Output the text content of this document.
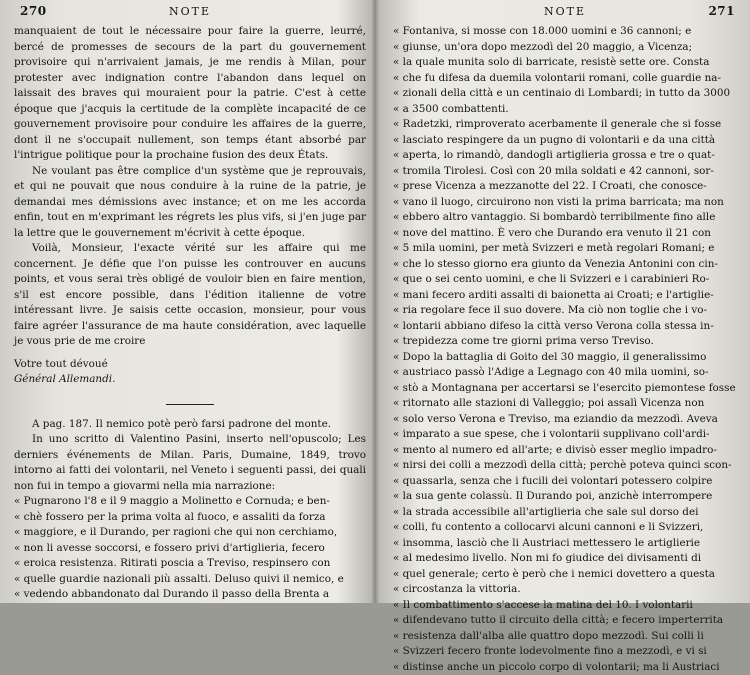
270	NOTE

manquaient de tout le nécessaire pour faire la guerre, leurré, bercé de promesses de secours de la part du gouvernement provisoire qui n'arrivaient jamais, je me rendis à Milan, pour protester avec indignation contre l'abandon dans lequel on laissait des braves qui mouraient pour la patrie. C'est à cette époque que j'acquis la certitude de la complète incapacité de ce gouvernement provisoire pour conduire les affaires de la guerre, dont il ne s'occupait nullement, son temps étant absorbé par l'intrigue politique pour la prochaine fusion des deux États.

Ne voulant pas être complice d'un système que je reprouvais, et qui ne pouvait que nous conduire à la ruine de la patrie, je demandai mes démissions avec instance; et on me les accorda enfin, tout en m'exprimant les régrets les plus vifs, si j'en juge par la lettre que le gouvernement m'écrivit à cette époque.

Voilà, Monsieur, l'exacte vérité sur les affaire qui me concernent. Je défie que l'on puisse les controuver en aucuns points, et vous serai très obligé de vouloir bien en faire mention, s'il est encore possible, dans l'édition italienne de votre intéressant livre. Je saisis cette occasion, monsieur, pour vous faire agréer l'assurance de ma haute considération, avec laquelle je vous prie de me croire

Votre tout dévoué

Général Allemandi.

A pag. 187. Il nemico potè però farsi padrone del monte.

In uno scritto di Valentino Pasini, inserto nell'opuscolo; Les derniers événements de Milan. Paris, Dumaine, 1849, trovo intorno ai fatti dei volontarii, nel Veneto i seguenti passi, dei quali non fui in tempo a giovarmi nella mia narrazione:

« Pugnarono l'8 e il 9 maggio a Molinetto e Cornuda; e ben-
« chè fossero per la prima volta al fuoco, e assaliti da forza
« maggiore, e il Durando, per ragioni che qui non cerchiamo,
« non li avesse soccorsi, e fossero privi d'artiglieria, fecero
« eroica resistenza. Ritirati poscia a Treviso, respinsero con
« quelle guardie nazionali più assalti. Deluso quivi il nemico, e
« vedendo abbandonato dal Durando il passo della Brenta a
NOTE	271
« Fontaniva, si mosse con 18.000 uomini e 36 cannoni; e
« giunse, un'ora dopo mezzodì del 20 maggio, a Vicenza;
« la quale munita solo di barricate, resistè sette ore. Consta
« che fu difesa da duemila volontarii romani, colle guardie na-
« zionali della città e un centinaio di Lombardi; in tutto da 3000
« a 3500 combattenti.
« Radetzki, rimproverato acerbamente il generale che si fosse
« lasciato respingere da un pugno di volontarii e da una città
« aperta, lo rimandò, dandogli artiglieria grossa e tre o quat-
« tromila Tirolesi. Così con 20 mila soldati e 42 cannoni, sor-
« prese Vicenza a mezzanotte del 22. I Croati, che conosce-
« vano il luogo, circuirono non visti la prima barricata; ma non
« ebbero altro vantaggio. Si bombardò terribilmente fino alle
« nove del mattino. È vero che Durando era venuto il 21 con
« 5 mila uomini, per metà Svizzeri e metà regolari Romani; e
« che lo stesso giorno era giunto da Venezia Antonini con cin-
« que o sei cento uomini, e che li Svizzeri e i carabinieri Ro-
« mani fecero arditi assalti di baionetta ai Croati; e l'artiglie-
« ria regolare fece il suo dovere. Ma ciò non toglie che i vo-
« lontarii abbiano difeso la città verso Verona colla stessa in-
« trepidezza come tre giorni prima verso Treviso.
« Dopo la battaglia di Goito del 30 maggio, il generalissimo
« austriaco passò l'Adige a Legnago con 40 mila uomini, so-
« stò a Montagnana per accertarsi se l'esercito piemontese fosse
« ritornato alle stazioni di Valleggio; poi assalì Vicenza non
« solo verso Verona e Treviso, ma eziandio da mezzodì. Aveva
« imparato a sue spese, che i volontarii supplivano coll'ardi-
« mento al numero ed all'arte; e divisò esser meglio impadro-
« nirsi dei colli a mezzodì della città; perchè poteva quinci scon-
« quassarla, senza che i fucili dei volontari potessero colpire
« la sua gente colassù. Il Durando poi, anzichè interrompere
« la strada accessibile all'artiglieria che sale sul dorso dei
« colli, fu contento a collocarvi alcuni cannoni e li Svizzeri,
« insomma, lasciò che li Austriaci mettessero le artiglierie
« al medesimo livello. Non mi fo giudice dei divisamenti di
« quel generale; certo è però che i nemici dovettero a questa
« circostanza la vittoria.
« Il combattimento s'accese la matina del 10. I volontarii
« difendevano tutto il circuito della città; e fecero imperterrita
« resistenza dall'alba alle quattro dopo mezzodì. Sui colli li
« Svizzeri fecero fronte lodevolmente fino a mezzodì, e vi si
« distinse anche un piccolo corpo di volontarii; ma li Austriaci
